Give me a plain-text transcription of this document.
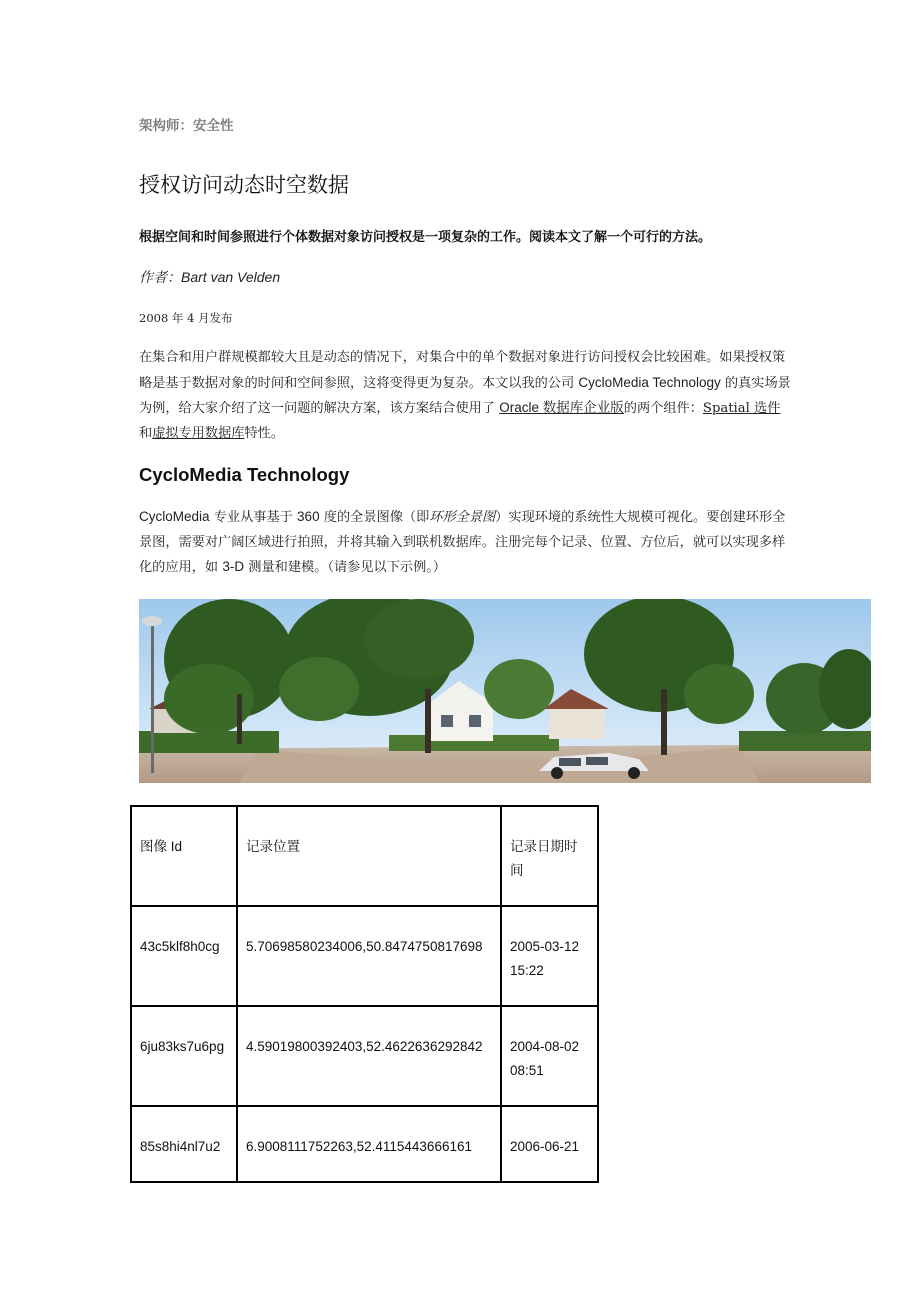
架构师：安全性
授权访问动态时空数据
根据空间和时间参照进行个体数据对象访问授权是一项复杂的工作。阅读本文了解一个可行的方法。
作者：Bart van Velden
2008 年 4 月发布
在集合和用户群规模都较大且是动态的情况下，对集合中的单个数据对象进行访问授权会比较困难。如果授权策略是基于数据对象的时间和空间参照，这将变得更为复杂。本文以我的公司 CycloMedia Technology 的真实场景为例，给大家介绍了这一问题的解决方案，该方案结合使用了 Oracle 数据库企业版的两个组件：Spatial 选件和虚拟专用数据库特性。
CycloMedia Technology
CycloMedia 专业从事基于 360 度的全景图像（即环形全景图）实现环境的系统性大规模可视化。要创建环形全景图，需要对广阔区域进行拍照，并将其输入到联机数据库。注册完每个记录、位置、方位后，就可以实现多样化的应用，如 3-D 测量和建模。（请参见以下示例。）
图像 Id	记录位置	记录日期时间
43c5klf8h0cg	5.70698580234006,50.8474750817698	2005-03-12 15:22
6ju83ks7u6pg	4.59019800392403,52.4622636292842	2004-08-02 08:51
85s8hi4nl7u2	6.9008111752263,52.4115443666161	2006-06-21
